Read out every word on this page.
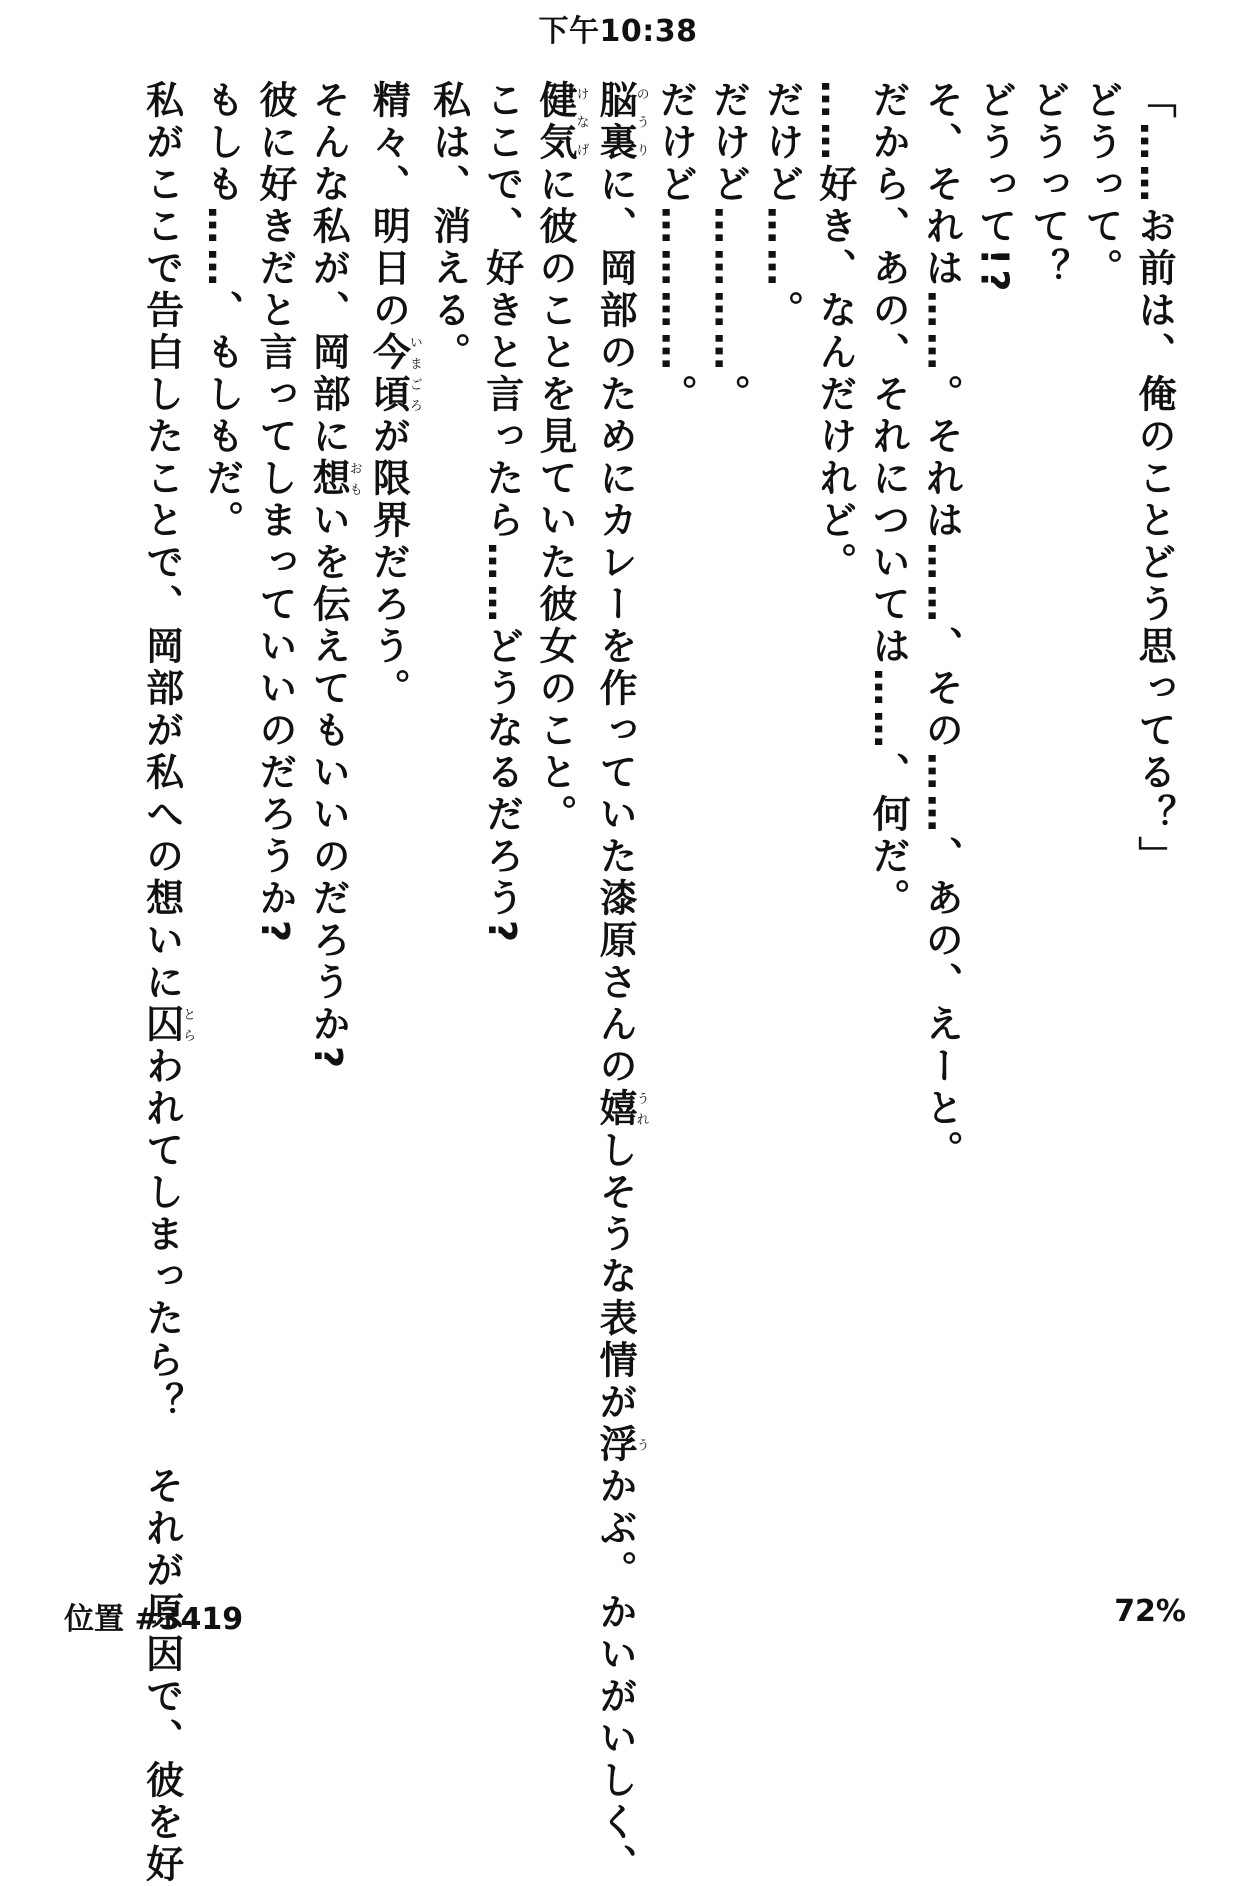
下午10:38

「……お前は、俺のことどう思ってる？」

どうって。

どうって？

どうって!?

そ、それは……。それは……、その……、あの、えーと。

だから、あの、それについては……、何だ。

……好き、なんだけれど。

だけど……。

だけど…………。

だけど…………。

脳裏のうりに、岡部のためにカレーを作っていた漆原さんの嬉うれしそうな表情が浮うかぶ。かいがいしく、

健気けなげに彼のことを見ていた彼女のこと。

ここで、好きと言ったら……どうなるだろう?

私は、消える。

精々、明日の今頃いまごろが限界だろう。

そんな私が、岡部に想おもいを伝えてもいいのだろうか?

彼に好きだと言ってしまっていいのだろうか?

もしも……、もしもだ。

私がここで告白したことで、岡部が私への想いに囚とらわれてしまったら？　それが原因で、彼を好

位置 #3419	72%
